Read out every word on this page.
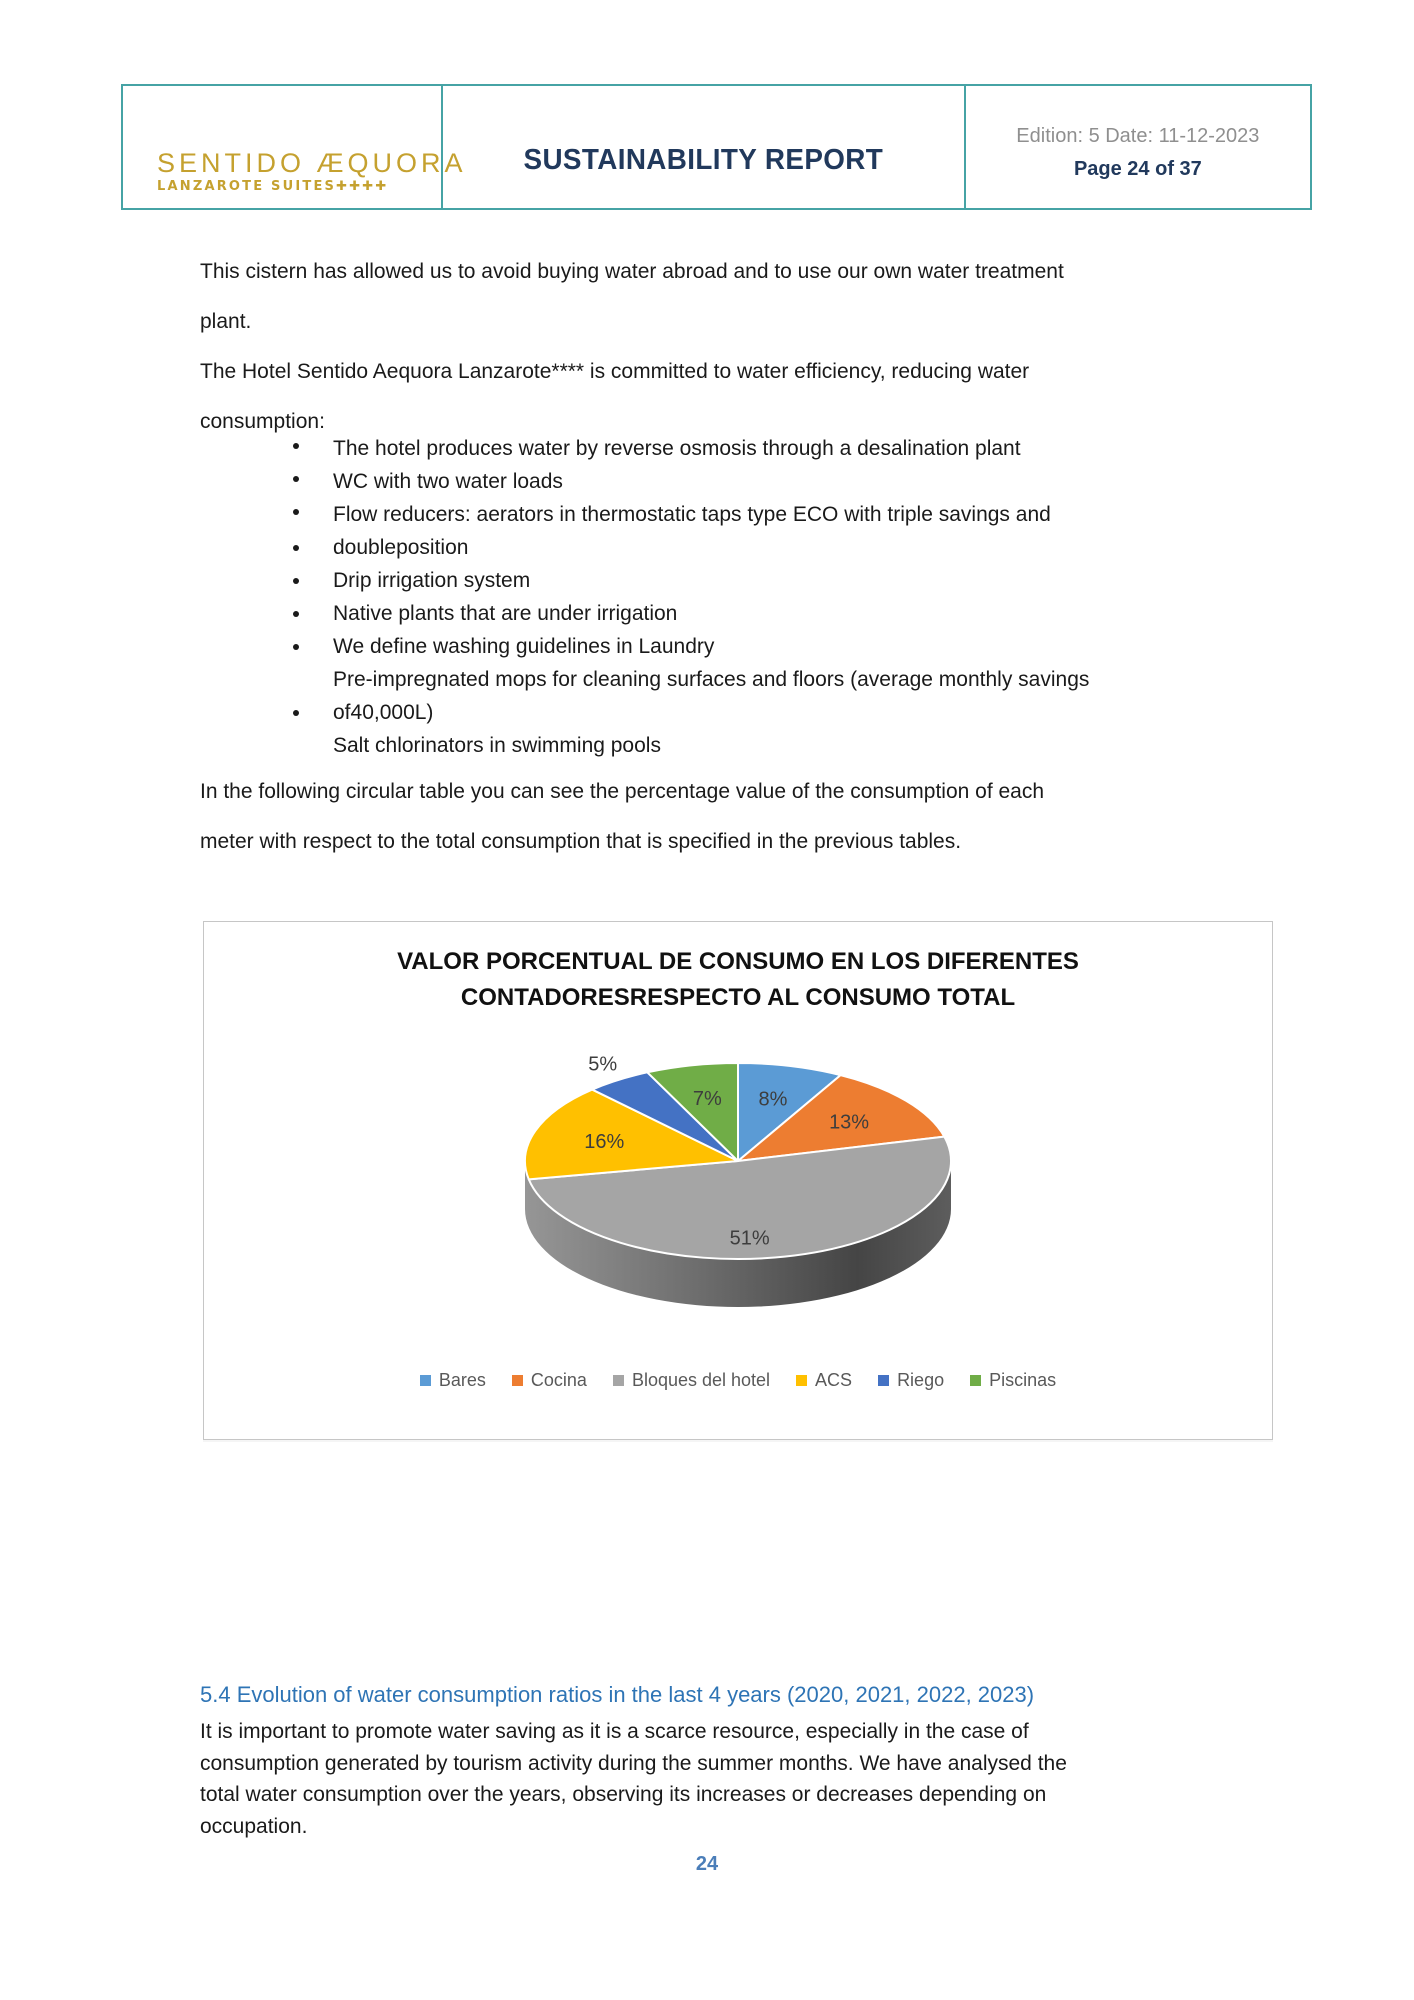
SENTIDO ÆQUORA
LANZAROTE SUITES✚✚✚✚
SUSTAINABILITY REPORT
Edition: 5 Date: 11-12-2023
Page 24 of 37
This cistern has allowed us to avoid buying water abroad and to use our own water treatment
plant.
The Hotel Sentido Aequora Lanzarote**** is committed to water efficiency, reducing water
consumption:
The hotel produces water by reverse osmosis through a desalination plant
WC with two water loads
Flow reducers: aerators in thermostatic taps type ECO with triple savings and doubleposition
Drip irrigation system
Native plants that are under irrigation
We define washing guidelines in Laundry
Pre-impregnated mops for cleaning surfaces and floors (average monthly savings of40,000L)
Salt chlorinators in swimming pools
In the following circular table you can see the percentage value of the consumption of each
meter with respect to the total consumption that is specified in the previous tables.
VALOR PORCENTUAL DE CONSUMO EN LOS DIFERENTES CONTADORESRESPECTO AL CONSUMO TOTAL
8%
13%
51%
16%
5%
7%
Bares	Cocina	Bloques del hotel	ACS	Riego	Piscinas
5.4 Evolution of water consumption ratios in the last 4 years (2020, 2021, 2022, 2023)
It is important to promote water saving as it is a scarce resource, especially in the case of
consumption generated by tourism activity during the summer months. We have analysed the
total water consumption over the years, observing its increases or decreases depending on
occupation.
24
